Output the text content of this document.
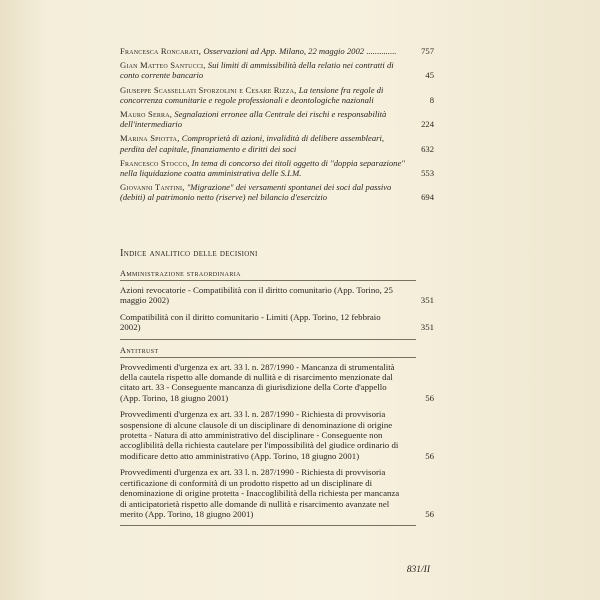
Francesca Roncarati, Osservazioni ad App. Milano, 22 maggio 2002 ..............	757
Gian Matteo Santucci, Sui limiti di ammissibilità della relatio nei contratti di conto corrente bancario	45
Giuseppe Scassellati Sforzolini e Cesare Rizza, La tensione fra regole di concorrenza comunitarie e regole professionali e deontologiche nazionali	8
Mauro Serra, Segnalazioni erronee alla Centrale dei rischi e responsabilità dell'intermediario	224
Marina Spiotta, Comproprietà di azioni, invalidità di delibere assembleari, perdita del capitale, finanziamento e diritti dei soci	632
Francesco Stocco, In tema di concorso dei titoli oggetto di "doppia separazione" nella liquidazione coatta amministrativa delle S.I.M.	553
Giovanni Tantini, "Migrazione" dei versamenti spontanei dei soci dal passivo (debiti) al patrimonio netto (riserve) nel bilancio d'esercizio	694
Indice analitico delle decisioni
Amministrazione straordinaria
Azioni revocatorie - Compatibilità con il diritto comunitario (App. Torino, 25 maggio 2002)	351
Compatibilità con il diritto comunitario - Limiti (App. Torino, 12 febbraio 2002)	351
Antitrust
Provvedimenti d'urgenza ex art. 33 l. n. 287/1990 - Mancanza di strumentalità della cautela rispetto alle domande di nullità e di risarcimento menzionate dal citato art. 33 - Conseguente mancanza di giurisdizione della Corte d'appello (App. Torino, 18 giugno 2001)	56
Provvedimenti d'urgenza ex art. 33 l. n. 287/1990 - Richiesta di provvisoria sospensione di alcune clausole di un disciplinare di denominazione di origine protetta - Natura di atto amministrativo del disciplinare - Conseguente non accoglibilità della richiesta cautelare per l'impossibilità del giudice ordinario di modificare detto atto amministrativo (App. Torino, 18 giugno 2001)	56
Provvedimenti d'urgenza ex art. 33 l. n. 287/1990 - Richiesta di provvisoria certificazione di conformità di un prodotto rispetto ad un disciplinare di denominazione di origine protetta - Inaccoglibilità della richiesta per mancanza di anticipatorietà rispetto alle domande di nullità e risarcimento avanzate nel merito (App. Torino, 18 giugno 2001)	56
831/II
